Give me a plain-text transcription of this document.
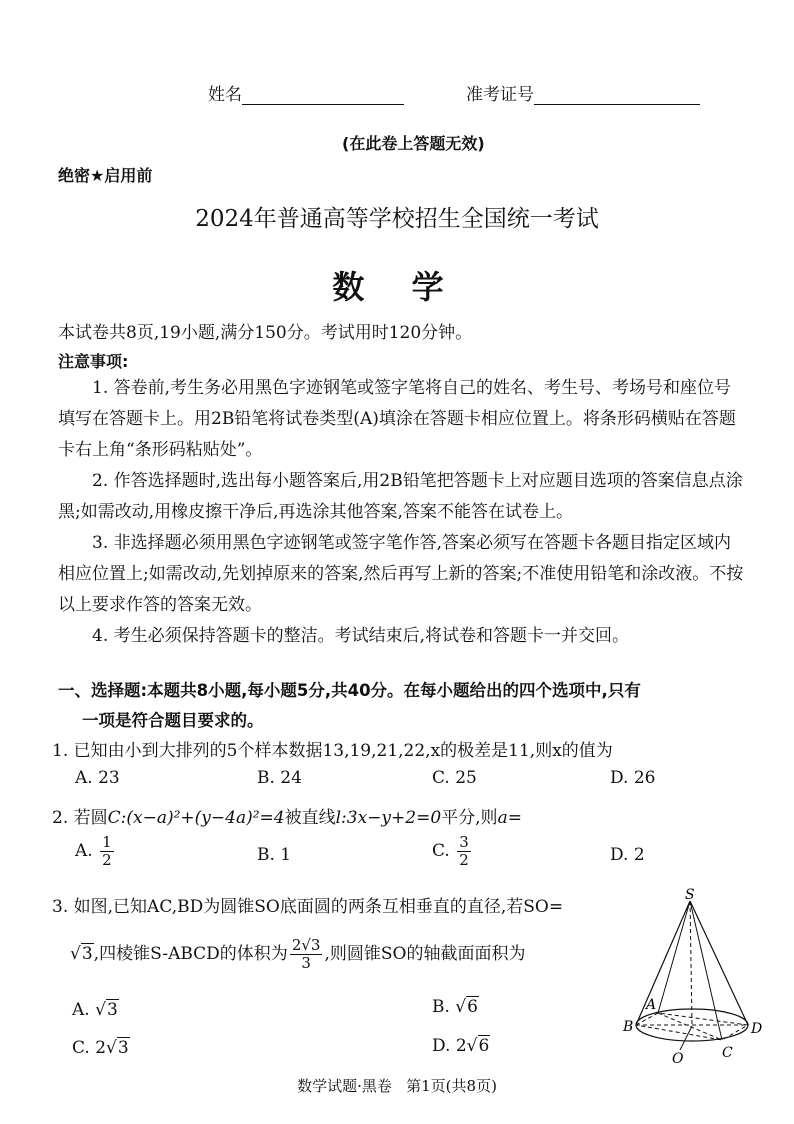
姓名	准考证号
(在此卷上答题无效)
绝密★启用前
2024年普通高等学校招生全国统一考试
数 学
本试卷共8页,19小题,满分150分。考试用时120分钟。
注意事项:
1. 答卷前,考生务必用黑色字迹钢笔或签字笔将自己的姓名、考生号、考场号和座位号填写在答题卡上。用2B铅笔将试卷类型(A)填涂在答题卡相应位置上。将条形码横贴在答题卡右上角“条形码粘贴处”。
2. 作答选择题时,选出每小题答案后,用2B铅笔把答题卡上对应题目选项的答案信息点涂黑;如需改动,用橡皮擦干净后,再选涂其他答案,答案不能答在试卷上。
3. 非选择题必须用黑色字迹钢笔或签字笔作答,答案必须写在答题卡各题目指定区域内相应位置上;如需改动,先划掉原来的答案,然后再写上新的答案;不准使用铅笔和涂改液。不按以上要求作答的答案无效。
4. 考生必须保持答题卡的整洁。考试结束后,将试卷和答题卡一并交回。
一、选择题:本题共8小题,每小题5分,共40分。在每小题给出的四个选项中,只有
一项是符合题目要求的。
1. 已知由小到大排列的5个样本数据13,19,21,22,x的极差是11,则x的值为
A. 23	B. 24	C. 25	D. 26
2. 若圆C:(x−a)²+(y−4a)²=4被直线l:3x−y+2=0平分,则a=
A. $\frac{1}{2}$	B. 1	C. $\frac{3}{2}$	D. 2
3. 如图,已知AC,BD为圆锥SO底面圆的两条互相垂直的直径,若SO=
√3,四棱锥S-ABCD的体积为 $\frac{2√3}{3}$ ,则圆锥SO的轴截面面积为
A. √3	B. √6
C. 2√3	D. 2√6
S
A
B	D
C
O
数学试题·黑卷   第1页(共8页)
